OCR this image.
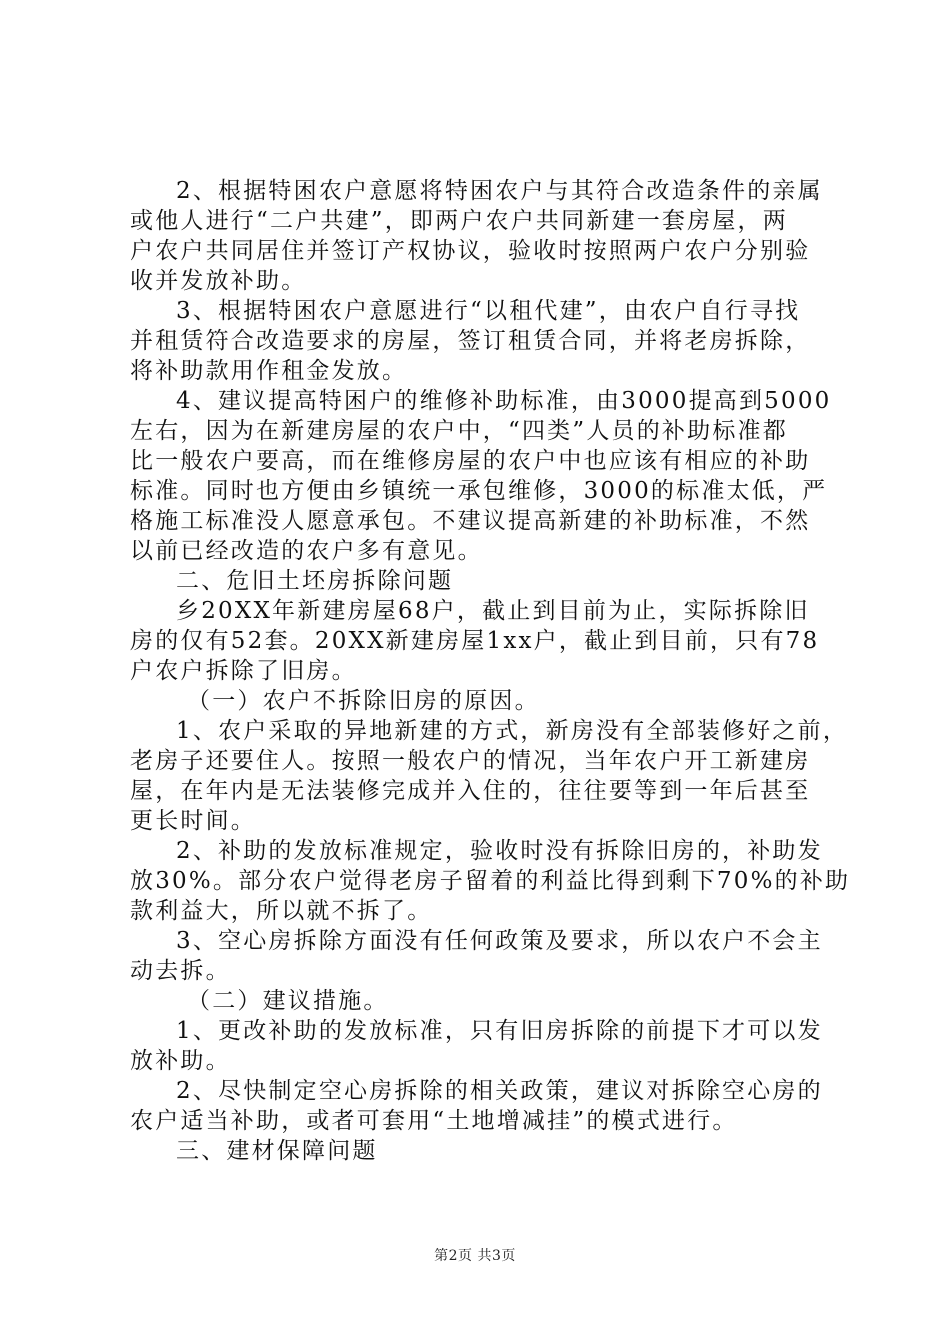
2、根据特困农户意愿将特困农户与其符合改造条件的亲属

或他人进行“二户共建”，即两户农户共同新建一套房屋，两

户农户共同居住并签订产权协议，验收时按照两户农户分别验

收并发放补助。

3、根据特困农户意愿进行“以租代建”，由农户自行寻找

并租赁符合改造要求的房屋，签订租赁合同，并将老房拆除，

将补助款用作租金发放。

4、建议提高特困户的维修补助标准，由3000提高到5000

左右，因为在新建房屋的农户中，“四类”人员的补助标准都

比一般农户要高，而在维修房屋的农户中也应该有相应的补助

标准。同时也方便由乡镇统一承包维修，3000的标准太低，严

格施工标准没人愿意承包。不建议提高新建的补助标准，不然

以前已经改造的农户多有意见。

二、危旧土坯房拆除问题

乡20XX年新建房屋68户，截止到目前为止，实际拆除旧

房的仅有52套。20XX新建房屋1xx户，截止到目前，只有78

户农户拆除了旧房。

（一）农户不拆除旧房的原因。

1、农户采取的异地新建的方式，新房没有全部装修好之前，

老房子还要住人。按照一般农户的情况，当年农户开工新建房

屋，在年内是无法装修完成并入住的，往往要等到一年后甚至

更长时间。

2、补助的发放标准规定，验收时没有拆除旧房的，补助发

放30%。部分农户觉得老房子留着的利益比得到剩下70%的补助

款利益大，所以就不拆了。

3、空心房拆除方面没有任何政策及要求，所以农户不会主

动去拆。

（二）建议措施。

1、更改补助的发放标准，只有旧房拆除的前提下才可以发

放补助。

2、尽快制定空心房拆除的相关政策，建议对拆除空心房的

农户适当补助，或者可套用“土地增减挂”的模式进行。

三、建材保障问题

第2页 共3页
